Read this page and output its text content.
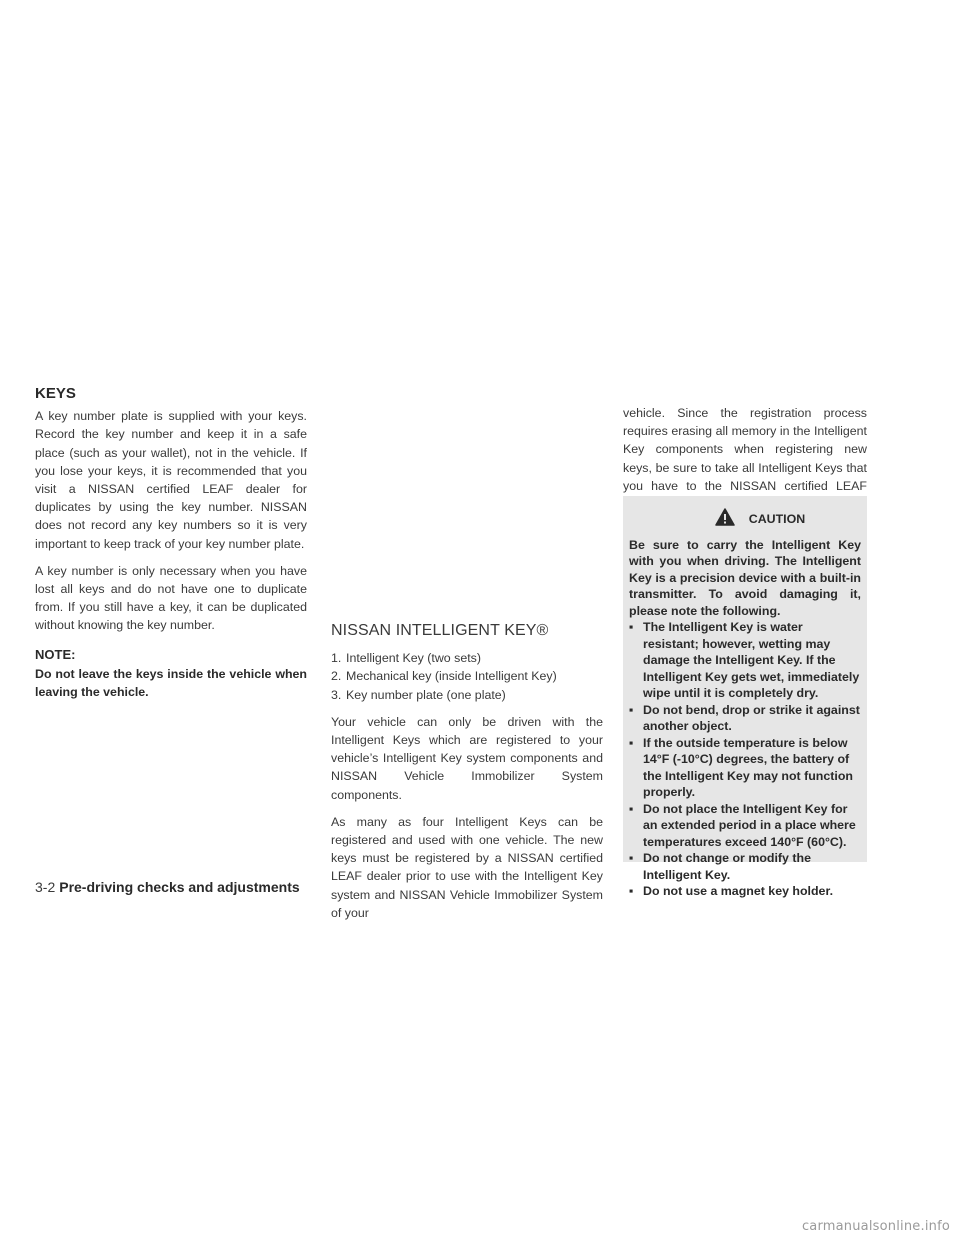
KEYS

A key number plate is supplied with your keys. Record the key number and keep it in a safe place (such as your wallet), not in the vehicle. If you lose your keys, it is recommended that you visit a NISSAN certified LEAF dealer for duplicates by using the key number. NISSAN does not record any key numbers so it is very important to keep track of your key number plate.

A key number is only necessary when you have lost all keys and do not have one to duplicate from. If you still have a key, it can be duplicated without knowing the key number.

NOTE:

Do not leave the keys inside the vehicle when leaving the vehicle.

NISSAN INTELLIGENT KEY®
1. Intelligent Key (two sets)
2. Mechanical key (inside Intelligent Key)
3. Key number plate (one plate)

Your vehicle can only be driven with the Intelligent Keys which are registered to your vehicle’s Intelligent Key system components and NISSAN Vehicle Immobilizer System components.

As many as four Intelligent Keys can be registered and used with one vehicle. The new keys must be registered by a NISSAN certified LEAF dealer prior to use with the Intelligent Key system and NISSAN Vehicle Immobilizer System of your

vehicle. Since the registration process requires erasing all memory in the Intelligent Key components when registering new keys, be sure to take all Intelligent Keys that you have to the NISSAN certified LEAF

CAUTION

Be sure to carry the Intelligent Key with you when driving. The Intelligent Key is a precision device with a built-in transmitter. To avoid damaging it, please note the following.

▪ The Intelligent Key is water resistant; however, wetting may damage the Intelligent Key. If the Intelligent Key gets wet, immediately wipe until it is completely dry.
▪ Do not bend, drop or strike it against another object.
▪ If the outside temperature is below 14°F (-10°C) degrees, the battery of the Intelligent Key may not function properly.
▪ Do not place the Intelligent Key for an extended period in a place where temperatures exceed 140°F (60°C).
▪ Do not change or modify the Intelligent Key.
▪ Do not use a magnet key holder.
3-2 Pre-driving checks and adjustments
carmanualsonline.info
